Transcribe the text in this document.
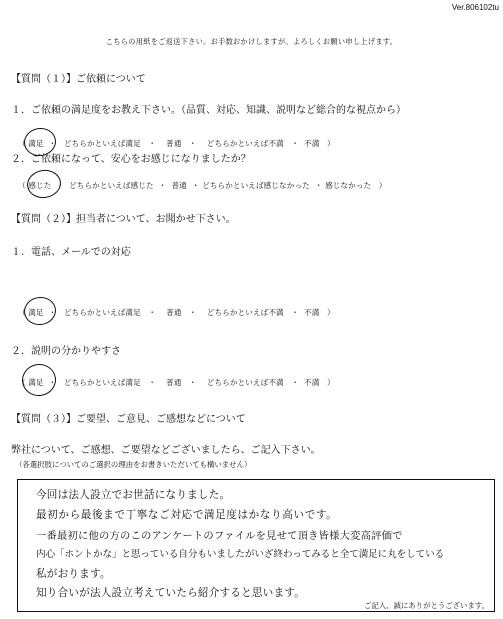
Ver.806102tu
こちらの用紙をご返送下さい。お手数おかけしますが、よろしくお願い申し上げます。
【質問（１）】ご依頼について
１．ご依頼の満足度をお教え下さい。（品質、対応、知識、説明など総合的な視点から）
（ 満足  ・   どちらかといえば満足   ・    普通   ・    どちらかといえば不満   ・  不満 ）
２．ご依頼になって、安心をお感じになりましたか？
（ 感じた  ・  どちらかといえば感じた  ・  普通  ・ どちらかといえば感じなかった  ・ 感じなかった ）
【質問（２）】担当者について、お聞かせ下さい。
１．電話、メールでの対応
（ 満足  ・   どちらかといえば満足   ・    普通   ・    どちらかといえば不満   ・  不満 ）
２．説明の分かりやすさ
（ 満足  ・   どちらかといえば満足   ・    普通   ・    どちらかといえば不満   ・  不満 ）
【質問（３）】ご要望、ご意見、ご感想などについて
弊社について、ご感想、ご要望などございましたら、ご記入下さい。
（各選択肢についてのご選択の理由をお書きいただいても構いません）
今回は法人設立でお世話になりました。
最初から最後まで丁寧なご対応で満足度はかなり高いです。
一番最初に他の方のこのアンケートのファイルを見せて頂き皆様大変高評価で
内心「ホントかな」と思っている自分もいましたがいざ終わってみると全て満足に丸をしている
私がおります。
知り合いが法人設立考えていたら紹介すると思います。
ご記入、誠にありがとうございます。
